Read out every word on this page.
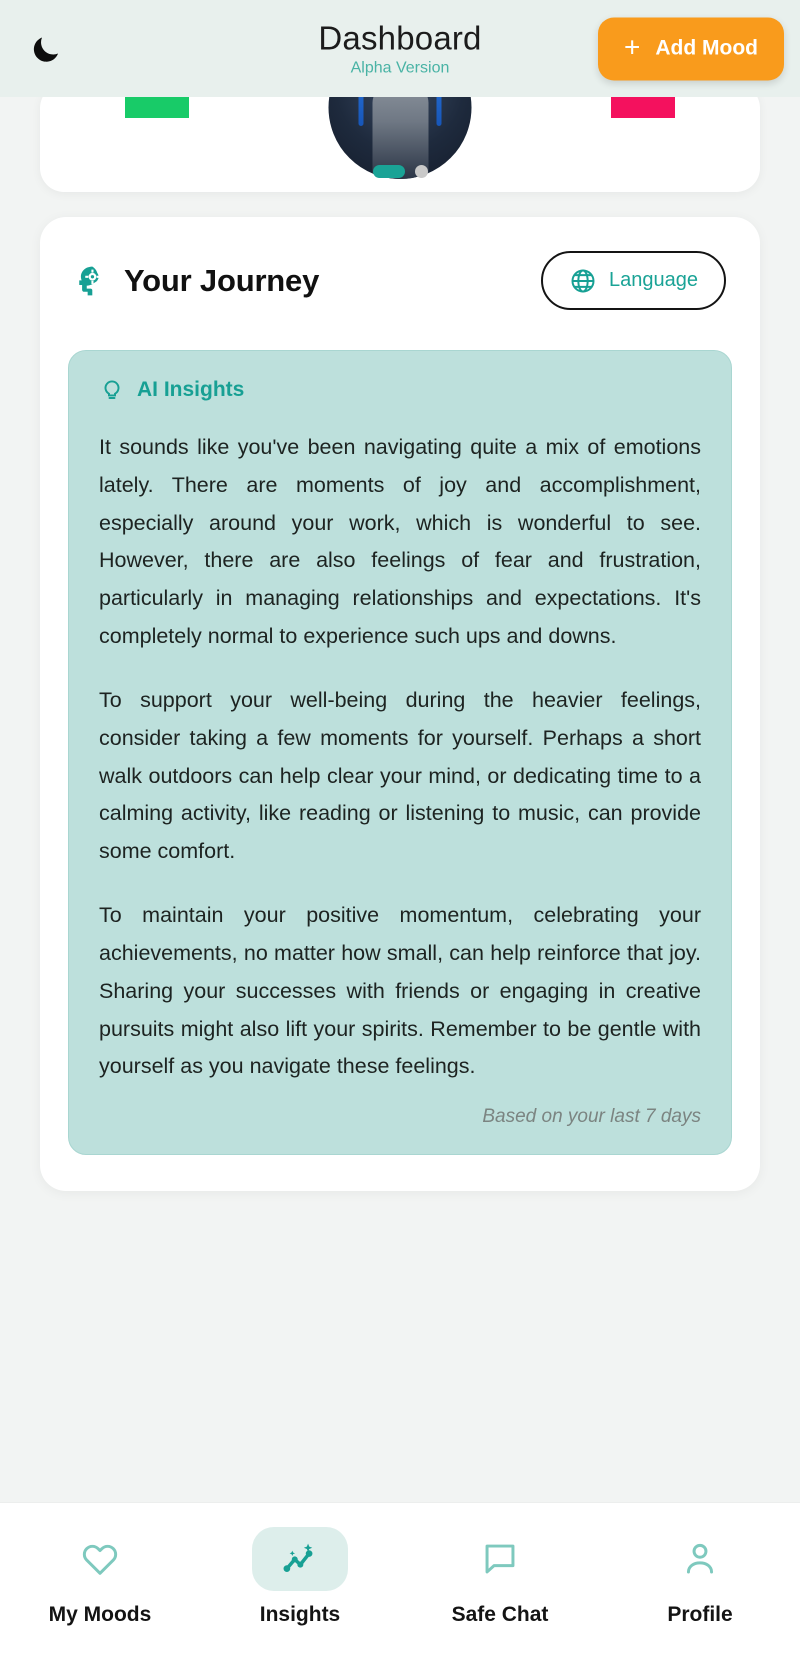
Dashboard
Alpha Version
+ Add Mood
Your Journey	Language
AI Insights

It sounds like you've been navigating quite a mix of emotions lately. There are moments of joy and accomplishment, especially around your work, which is wonderful to see. However, there are also feelings of fear and frustration, particularly in managing relationships and expectations. It's completely normal to experience such ups and downs.

To support your well-being during the heavier feelings, consider taking a few moments for yourself. Perhaps a short walk outdoors can help clear your mind, or dedicating time to a calming activity, like reading or listening to music, can provide some comfort.

To maintain your positive momentum, celebrating your achievements, no matter how small, can help reinforce that joy. Sharing your successes with friends or engaging in creative pursuits might also lift your spirits. Remember to be gentle with yourself as you navigate these feelings.

Based on your last 7 days
My Moods	Insights	Safe Chat	Profile
